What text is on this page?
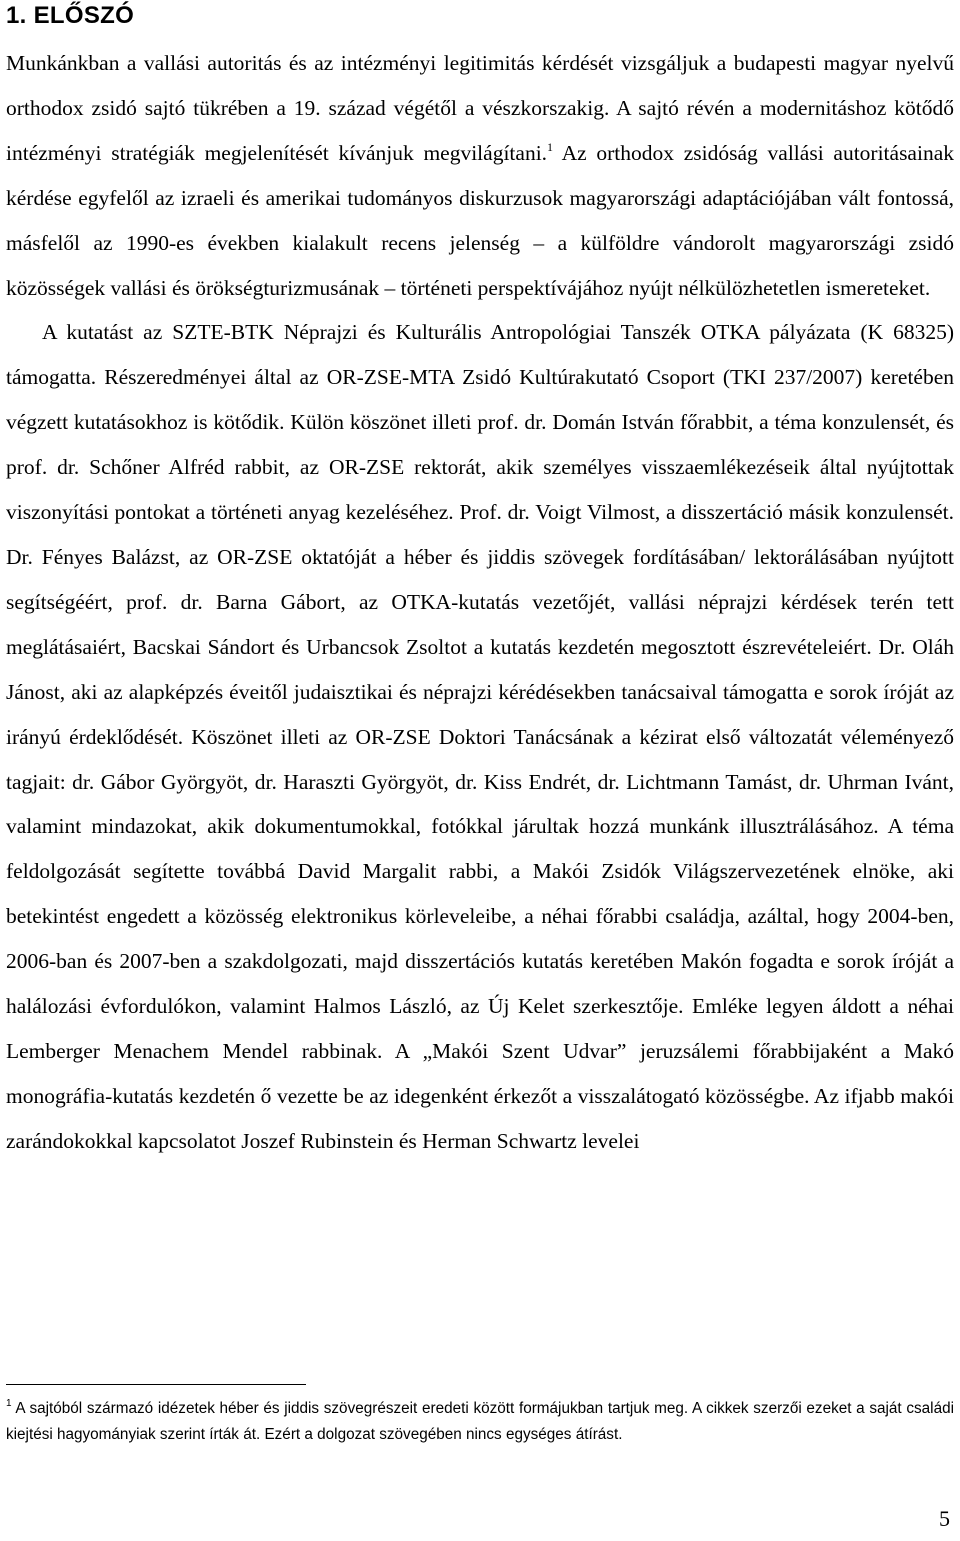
1. ELŐSZÓ

Munkánkban a vallási autoritás és az intézményi legitimitás kérdését vizsgáljuk a budapesti magyar nyelvű orthodox zsidó sajtó tükrében a 19. század végétől a vészkorszakig. A sajtó révén a modernitáshoz kötődő intézményi stratégiák megjelenítését kívánjuk megvilágítani.$^1$ Az orthodox zsidóság vallási autoritásainak kérdése egyfelől az izraeli és amerikai tudományos diskurzusok magyarországi adaptációjában vált fontossá, másfelől az 1990-es években kialakult recens jelenség – a külföldre vándorolt magyarországi zsidó közösségek vallási és örökségturizmusának – történeti perspektívájához nyújt nélkülözhetetlen ismereteket.

A kutatást az SZTE-BTK Néprajzi és Kulturális Antropológiai Tanszék OTKA pályázata (K 68325) támogatta. Részeredményei által az OR-ZSE-MTA Zsidó Kultúrakutató Csoport (TKI 237/2007) keretében végzett kutatásokhoz is kötődik. Külön köszönet illeti prof. dr. Domán István főrabbit, a téma konzulensét, és prof. dr. Schőner Alfréd rabbit, az OR-ZSE rektorát, akik személyes visszaemlékezéseik által nyújtottak viszonyítási pontokat a történeti anyag kezeléséhez. Prof. dr. Voigt Vilmost, a disszertáció másik konzulensét. Dr. Fényes Balázst, az OR-ZSE oktatóját a héber és jiddis szövegek fordításában/ lektorálásában nyújtott segítségéért, prof. dr. Barna Gábort, az OTKA-kutatás vezetőjét, vallási néprajzi kérdések terén tett meglátásaiért, Bacskai Sándort és Urbancsok Zsoltot a kutatás kezdetén megosztott észrevételeiért. Dr. Oláh Jánost, aki az alapképzés éveitől judaisztikai és néprajzi kérédésekben tanácsaival támogatta e sorok íróját az irányú érdeklődését. Köszönet illeti az OR-ZSE Doktori Tanácsának a kézirat első változatát véleményező tagjait: dr. Gábor Györgyöt, dr. Haraszti Györgyöt, dr. Kiss Endrét, dr. Lichtmann Tamást, dr. Uhrman Ivánt, valamint mindazokat, akik dokumentumokkal, fotókkal járultak hozzá munkánk illusztrálásához. A téma feldolgozását segítette továbbá David Margalit rabbi, a Makói Zsidók Világszervezetének elnöke, aki betekintést engedett a közösség elektronikus körleveleibe, a néhai főrabbi családja, azáltal, hogy 2004-ben, 2006-ban és 2007-ben a szakdolgozati, majd disszertációs kutatás keretében Makón fogadta e sorok íróját a halálozási évfordulókon, valamint Halmos László, az Új Kelet szerkesztője. Emléke legyen áldott a néhai Lemberger Menachem Mendel rabbinak. A „Makói Szent Udvar” jeruzsálemi főrabbijaként a Makó monográfia-kutatás kezdetén ő vezette be az idegenként érkezőt a visszalátogató közösségbe. Az ifjabb makói zarándokokkal kapcsolatot Joszef Rubinstein és Herman Schwartz levelei

$^1$ A sajtóból származó idézetek héber és jiddis szövegrészeit eredeti között formájukban tartjuk meg. A cikkek szerzői ezeket a saját családi kiejtési hagyományiak szerint írták át. Ezért a dolgozat szövegében nincs egységes átírást.
5
